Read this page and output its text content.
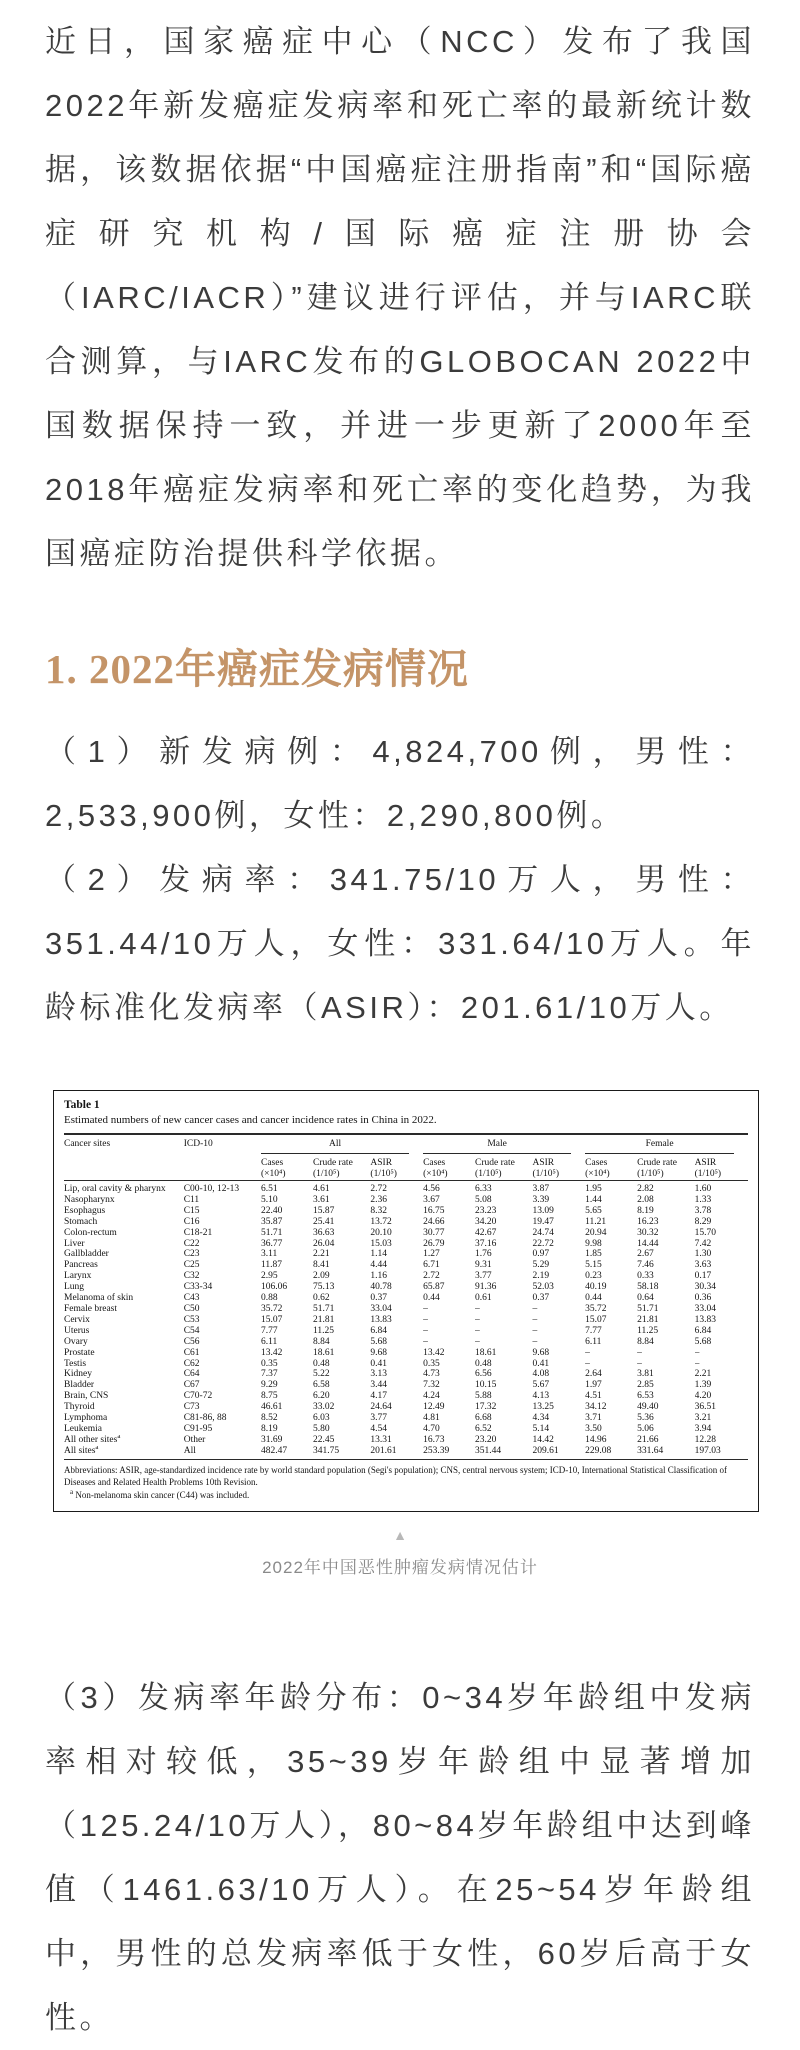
近日，国家癌症中心（NCC）发布了我国2022年新发癌症发病率和死亡率的最新统计数据，该数据依据“中国癌症注册指南”和“国际癌症研究机构/国际癌症注册协会（IARC/IACR）”建议进行评估，并与IARC联合测算，与IARC发布的GLOBOCAN 2022中国数据保持一致，并进一步更新了2000年至2018年癌症发病率和死亡率的变化趋势，为我国癌症防治提供科学依据。

1. 2022年癌症发病情况

（1）新发病例：4,824,700例，男性：2,533,900例，女性：2,290,800例。

（2）发病率：341.75/10万人，男性：351.44/10万人，女性：331.64/10万人。年龄标准化发病率（ASIR）：201.61/10万人。

Table 1
Estimated numbers of new cancer cases and cancer incidence rates in China in 2022.
Cancer sites	ICD-10	All			Male			Female		

		Cases
(×10⁴)	Crude rate
(1/10⁵)	ASIR
(1/10⁵)	Cases
(×10⁴)	Crude rate
(1/10⁵)	ASIR
(1/10⁵)	Cases
(×10⁴)	Crude rate
(1/10⁵)	ASIR
(1/10⁵)

Lip, oral cavity & pharynx	C00-10, 12-13	6.51	4.61	2.72	4.56	6.33	3.87	1.95	2.82	1.60
Nasopharynx	C11	5.10	3.61	2.36	3.67	5.08	3.39	1.44	2.08	1.33
Esophagus	C15	22.40	15.87	8.32	16.75	23.23	13.09	5.65	8.19	3.78
Stomach	C16	35.87	25.41	13.72	24.66	34.20	19.47	11.21	16.23	8.29
Colon-rectum	C18-21	51.71	36.63	20.10	30.77	42.67	24.74	20.94	30.32	15.70
Liver	C22	36.77	26.04	15.03	26.79	37.16	22.72	9.98	14.44	7.42
Gallbladder	C23	3.11	2.21	1.14	1.27	1.76	0.97	1.85	2.67	1.30
Pancreas	C25	11.87	8.41	4.44	6.71	9.31	5.29	5.15	7.46	3.63
Larynx	C32	2.95	2.09	1.16	2.72	3.77	2.19	0.23	0.33	0.17
Lung	C33-34	106.06	75.13	40.78	65.87	91.36	52.03	40.19	58.18	30.34
Melanoma of skin	C43	0.88	0.62	0.37	0.44	0.61	0.37	0.44	0.64	0.36
Female breast	C50	35.72	51.71	33.04	–	–	–	35.72	51.71	33.04
Cervix	C53	15.07	21.81	13.83	–	–	–	15.07	21.81	13.83
Uterus	C54	7.77	11.25	6.84	–	–	–	7.77	11.25	6.84
Ovary	C56	6.11	8.84	5.68	–	–	–	6.11	8.84	5.68
Prostate	C61	13.42	18.61	9.68	13.42	18.61	9.68	–	–	–
Testis	C62	0.35	0.48	0.41	0.35	0.48	0.41	–	–	–
Kidney	C64	7.37	5.22	3.13	4.73	6.56	4.08	2.64	3.81	2.21
Bladder	C67	9.29	6.58	3.44	7.32	10.15	5.67	1.97	2.85	1.39
Brain, CNS	C70-72	8.75	6.20	4.17	4.24	5.88	4.13	4.51	6.53	4.20
Thyroid	C73	46.61	33.02	24.64	12.49	17.32	13.25	34.12	49.40	36.51
Lymphoma	C81-86, 88	8.52	6.03	3.77	4.81	6.68	4.34	3.71	5.36	3.21
Leukemia	C91-95	8.19	5.80	4.54	4.70	6.52	5.14	3.50	5.06	3.94
All other sites$^a$	Other	31.69	22.45	13.31	16.73	23.20	14.42	14.96	21.66	12.28
All sites$^a$	All	482.47	341.75	201.61	253.39	351.44	209.61	229.08	331.64	197.03
Abbreviations: ASIR, age-standardized incidence rate by world standard population (Segi's population); CNS, central nervous system; ICD-10, International Statistical Classification of Diseases and Related Health Problems 10th Revision.
$^a$ Non-melanoma skin cancer (C44) was included.
▲
2022年中国恶性肿瘤发病情况估计

（3）发病率年龄分布：0~34岁年龄组中发病率相对较低，35~39岁年龄组中显著增加（125.24/10万人），80~84岁年龄组中达到峰值（1461.63/10万人）。在25~54岁年龄组中，男性的总发病率低于女性，60岁后高于女性。
